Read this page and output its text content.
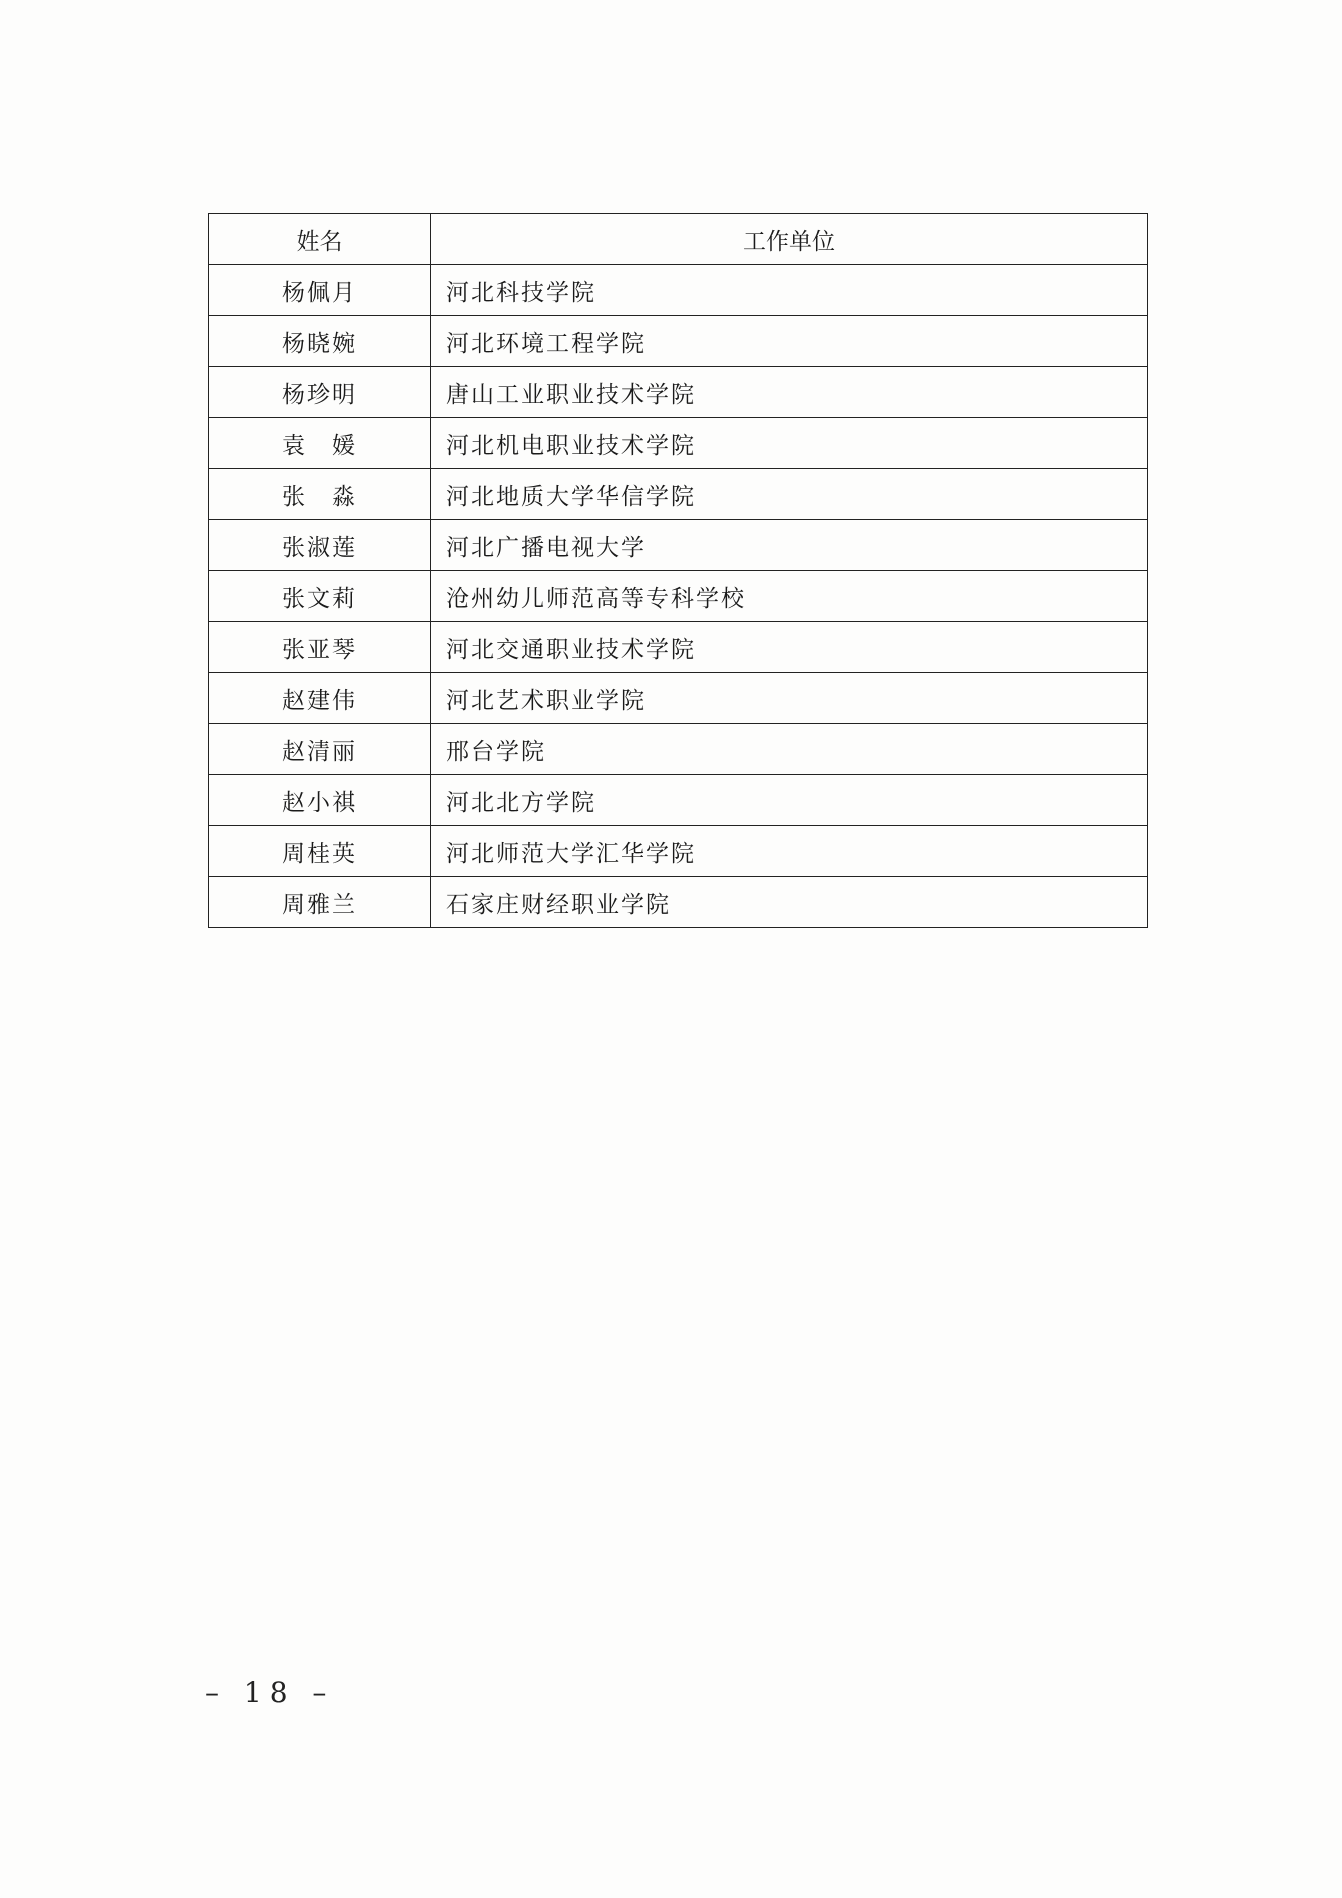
姓名	工作单位
杨佩月	河北科技学院
杨晓婉	河北环境工程学院
杨珍明	唐山工业职业技术学院
袁　媛	河北机电职业技术学院
张　淼	河北地质大学华信学院
张淑莲	河北广播电视大学
张文莉	沧州幼儿师范高等专科学校
张亚琴	河北交通职业技术学院
赵建伟	河北艺术职业学院
赵清丽	邢台学院
赵小祺	河北北方学院
周桂英	河北师范大学汇华学院
周雅兰	石家庄财经职业学院
– 18 –
